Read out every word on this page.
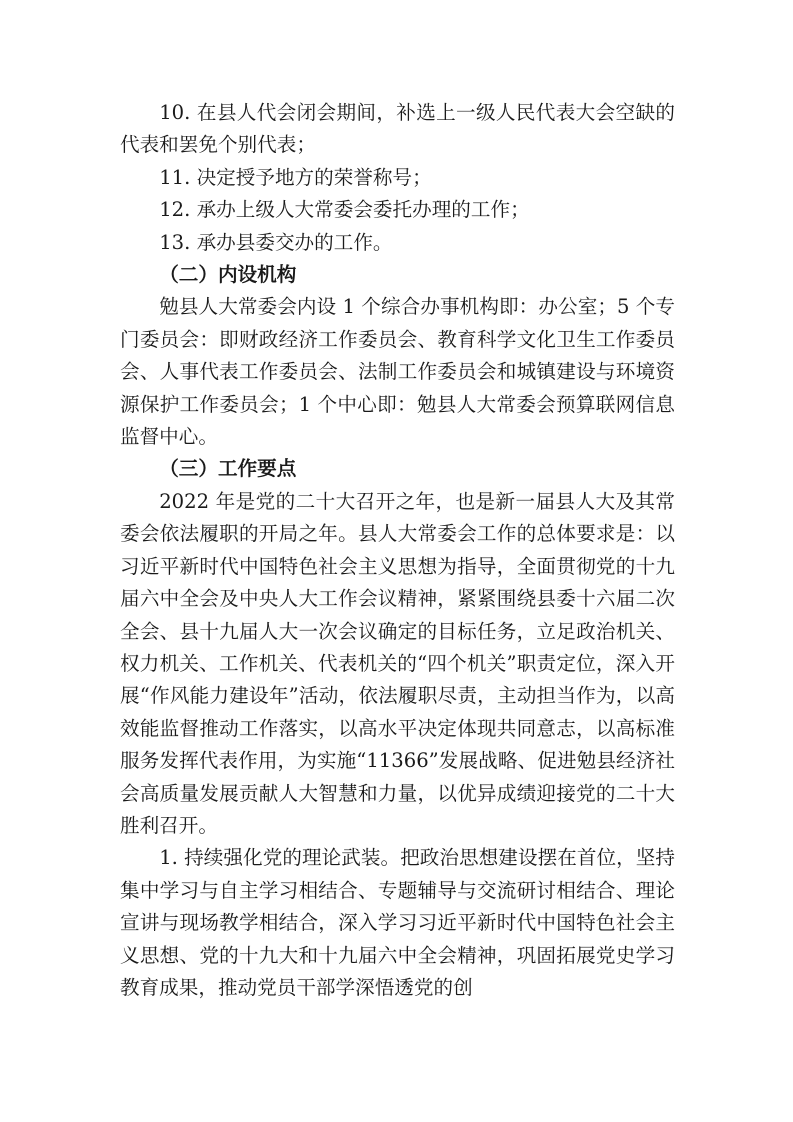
10. 在县人代会闭会期间，补选上一级人民代表大会空缺的代表和罢免个别代表；

11. 决定授予地方的荣誉称号；

12. 承办上级人大常委会委托办理的工作；

13. 承办县委交办的工作。

（二）内设机构

勉县人大常委会内设 1 个综合办事机构即：办公室；5 个专门委员会：即财政经济工作委员会、教育科学文化卫生工作委员会、人事代表工作委员会、法制工作委员会和城镇建设与环境资源保护工作委员会；1 个中心即：勉县人大常委会预算联网信息监督中心。

（三）工作要点

2022 年是党的二十大召开之年，也是新一届县人大及其常委会依法履职的开局之年。县人大常委会工作的总体要求是：以习近平新时代中国特色社会主义思想为指导，全面贯彻党的十九届六中全会及中央人大工作会议精神，紧紧围绕县委十六届二次全会、县十九届人大一次会议确定的目标任务，立足政治机关、权力机关、工作机关、代表机关的“四个机关”职责定位，深入开展“作风能力建设年”活动，依法履职尽责，主动担当作为，以高效能监督推动工作落实，以高水平决定体现共同意志，以高标准服务发挥代表作用，为实施“11366”发展战略、促进勉县经济社会高质量发展贡献人大智慧和力量，以优异成绩迎接党的二十大胜利召开。

1. 持续强化党的理论武装。把政治思想建设摆在首位，坚持集中学习与自主学习相结合、专题辅导与交流研讨相结合、理论宣讲与现场教学相结合，深入学习习近平新时代中国特色社会主义思想、党的十九大和十九届六中全会精神，巩固拓展党史学习教育成果，推动党员干部学深悟透党的创
